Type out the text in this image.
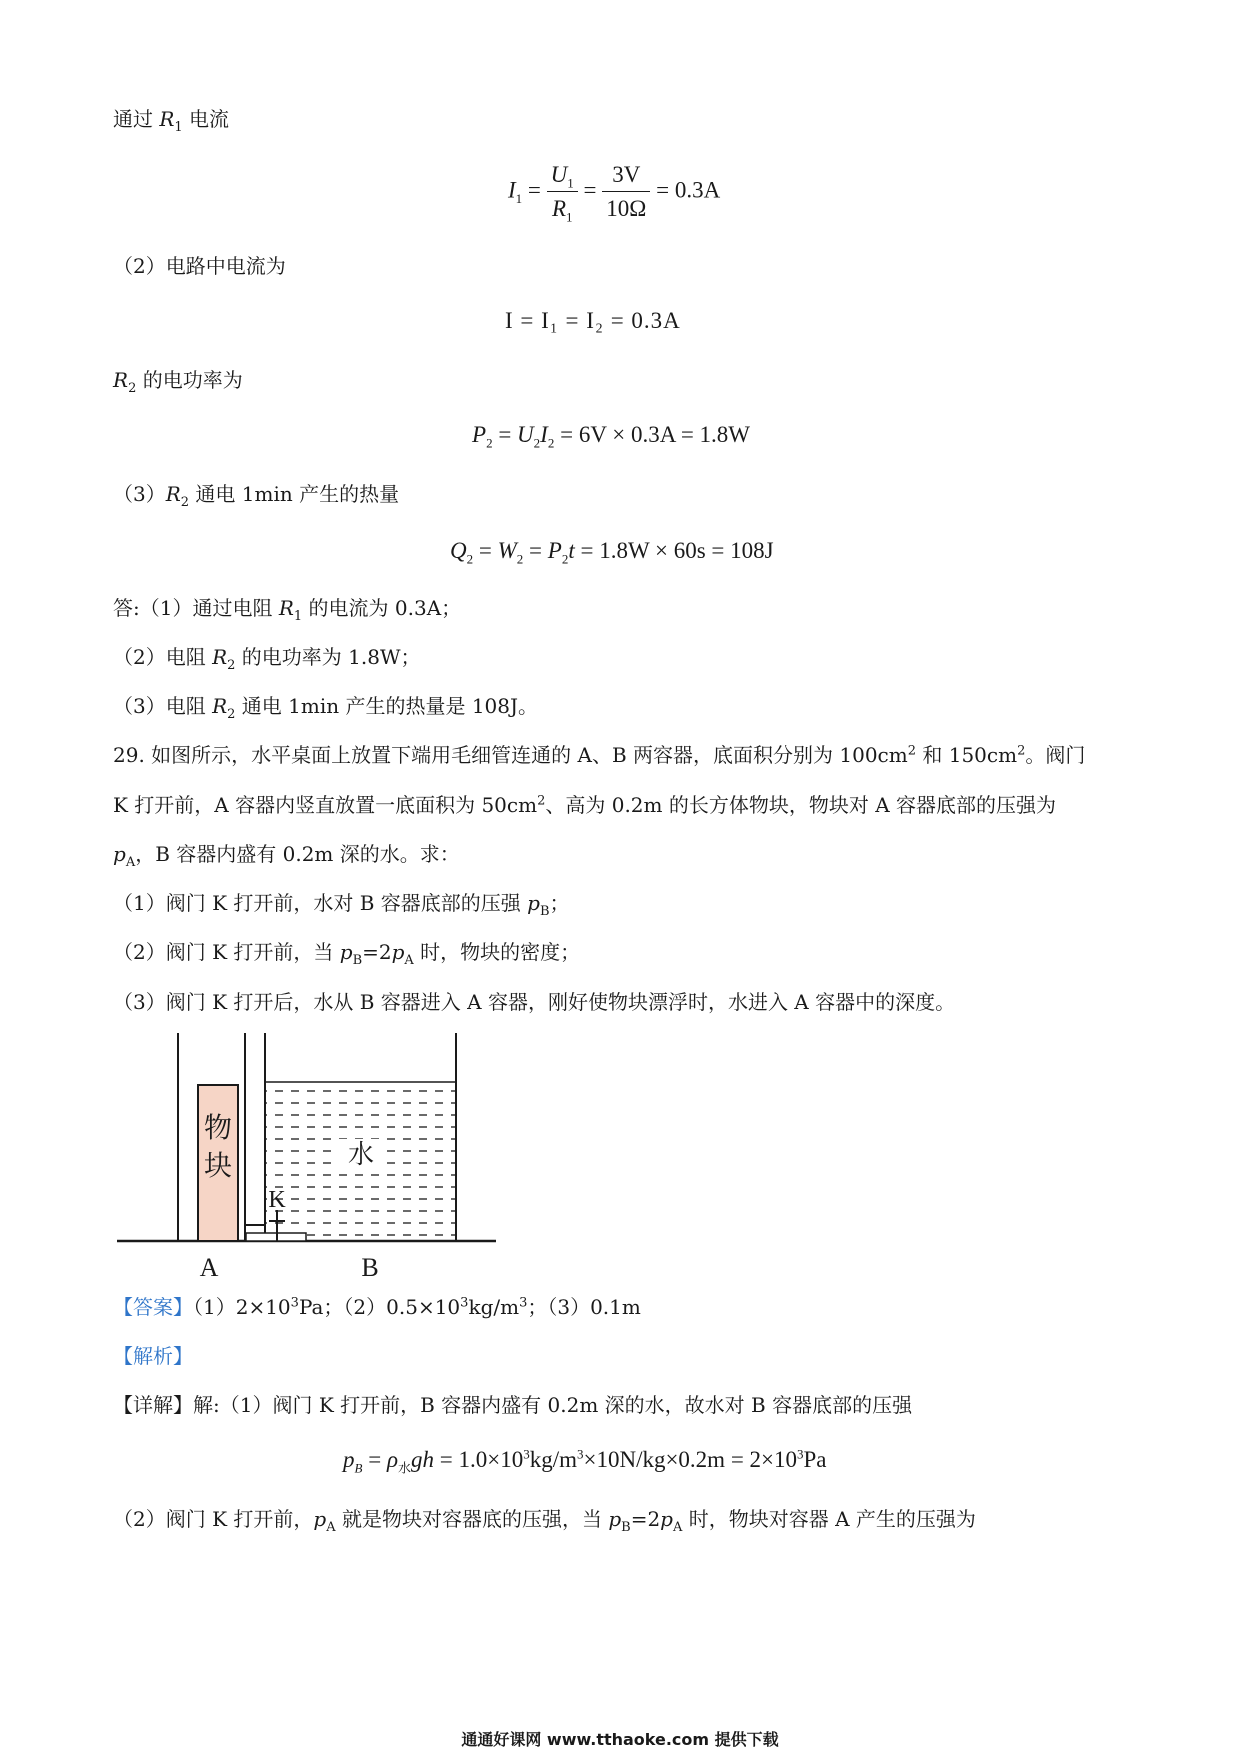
通过 $R_1$ 电流
$I_1 = \frac{U_1}{R_1} = \frac{3V}{10\Omega} = 0.3A$
（2）电路中电流为
I = I₁ = I₂ = 0.3A
$R_2$ 的电功率为
$P_2 = U_2I_2 = 6V \times 0.3A = 1.8W$
$(3)R_2$ 通电 1min 产生的热量
$Q_2 = W_2 = P_2t = 1.8W \times 60s = 108J$
答:（1）通过电阻 $R_1$ 的电流为 0.3A；
（2）电阻 $R_2$ 的电功率为 1.8W；
（3）电阻 $R_2$ 通电 1min 产生的热量是 108J。
29. 如图所示，水平桌面上放置下端用毛细管连通的 A、B 两容器，底面积分别为 $100cm^2$ 和 $150cm^2$。阀门
K 打开前，A 容器内竖直放置一底面积为 $50cm^2$、高为 0.2m 的长方体物块，物块对 A 容器底部的压强为
$p_A$，B 容器内盛有 0.2m 深的水。求：
（1）阀门 K 打开前，水对 B 容器底部的压强 $p_B$；
（2）阀门 K 打开前，当 $p_B=2p_A$ 时，物块的密度；
（3）阀门 K 打开后，水从 B 容器进入 A 容器，刚好使物块漂浮时，水进入 A 容器中的深度。
物
块	水
K
A	B
【答案】$(1)2\times 10^3Pa$；$(2)0.5\times 10^3kg/m^3$；（3）0.1m
【解析】
【详解】解:（1）阀门 K 打开前，B 容器内盛有 0.2m 深的水，故水对 B 容器底部的压强
$p_B = \rho_水gh = 1.0\times 10^3kg/m^3\times 10N/kg\times 0.2m = 2\times 10^3Pa$
（2）阀门 K 打开前，$p_A$ 就是物块对容器底的压强，当 $p_B=2p_A$ 时，物块对容器 A 产生的压强为
通通好课网 www.tthaoke.com 提供下载
